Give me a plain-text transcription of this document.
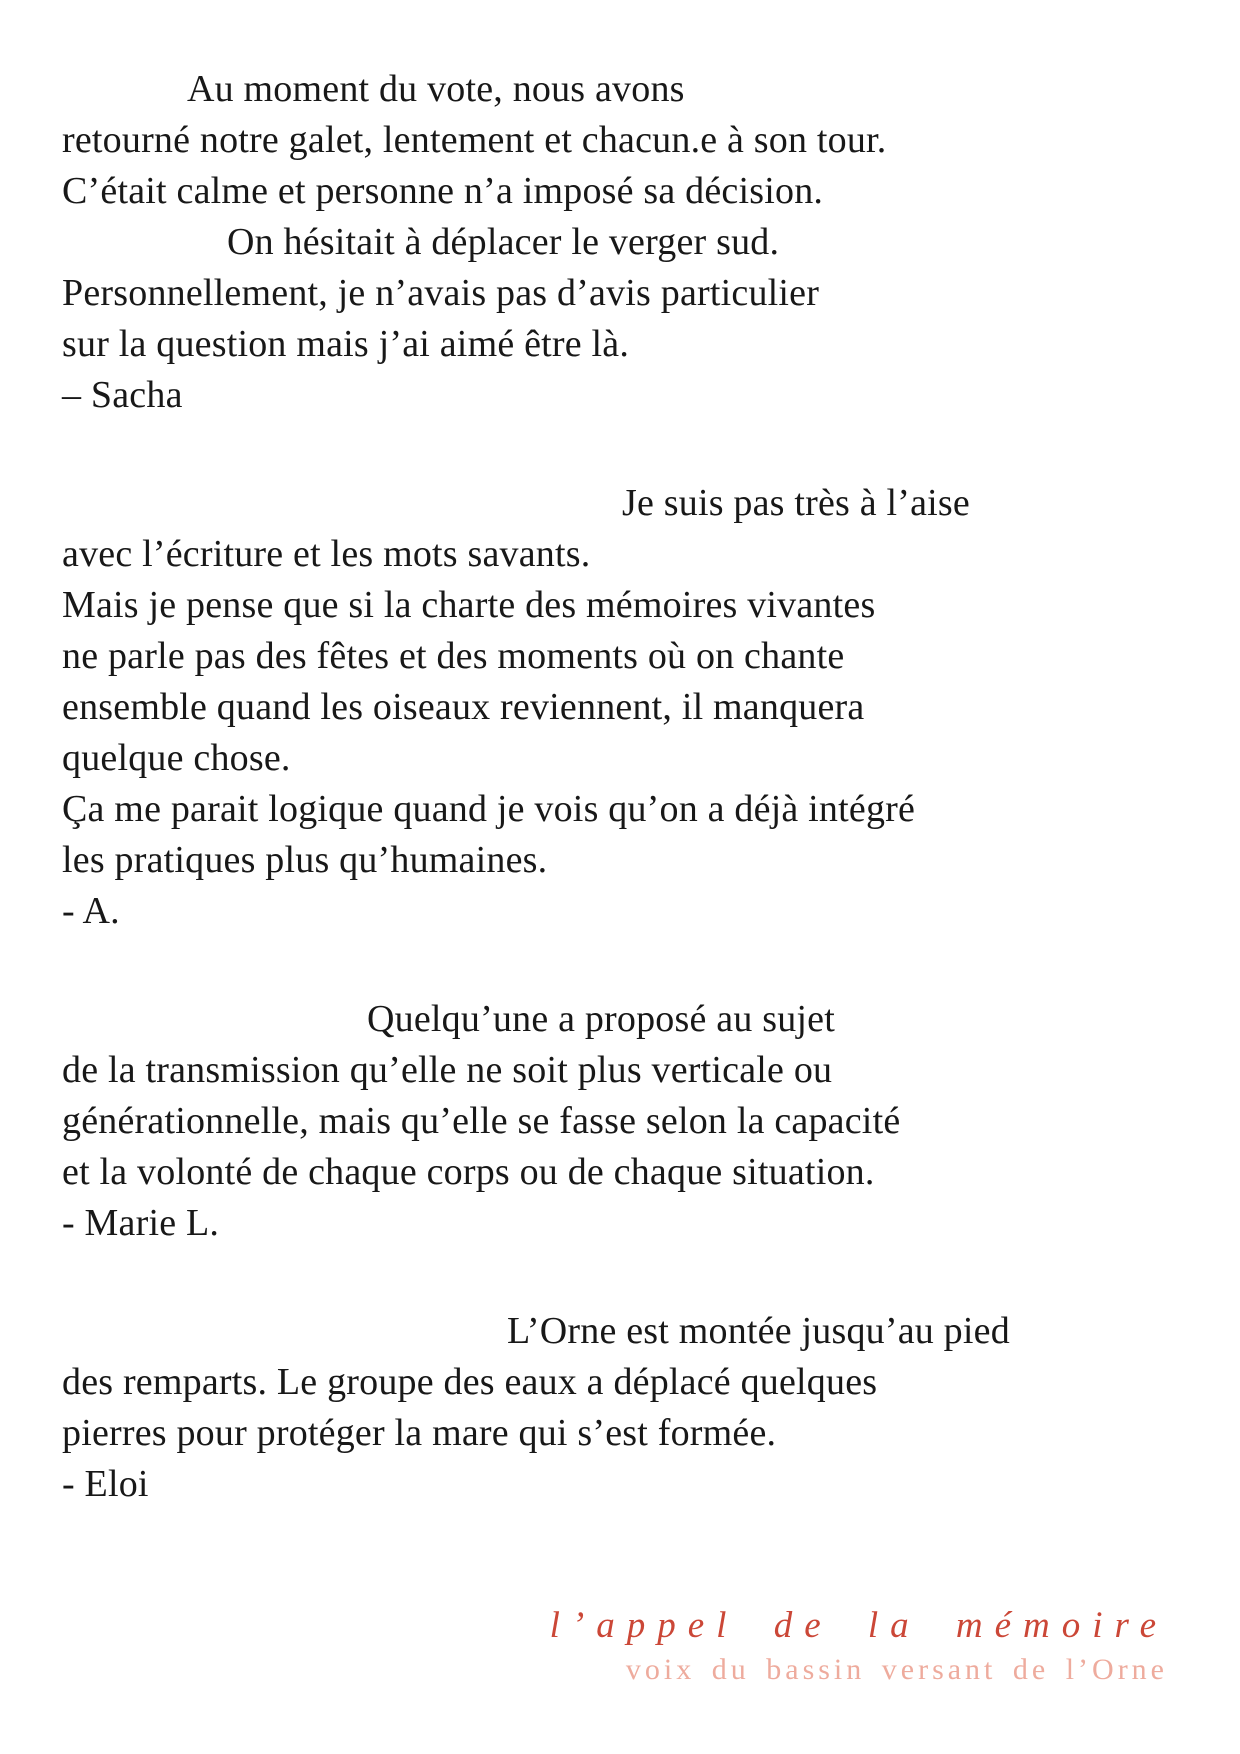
Au moment du vote, nous avons
retourné notre galet, lentement et chacun.e à son tour.
C’était calme et personne n’a imposé sa décision.
On hésitait à déplacer le verger sud.
Personnellement, je n’avais pas d’avis particulier
sur la question mais j’ai aimé être là.
– Sacha
Je suis pas très à l’aise
avec l’écriture et les mots savants.
Mais je pense que si la charte des mémoires vivantes
ne parle pas des fêtes et des moments où on chante
ensemble quand les oiseaux reviennent, il manquera
quelque chose.
Ça me parait logique quand je vois qu’on a déjà intégré
les pratiques plus qu’humaines.
- A.
Quelqu’une a proposé au sujet
de la transmission qu’elle ne soit plus verticale ou
générationnelle, mais qu’elle se fasse selon la capacité
et la volonté de chaque corps ou de chaque situation.
- Marie L.
L’Orne est montée jusqu’au pied
des remparts. Le groupe des eaux a déplacé quelques
pierres pour protéger la mare qui s’est formée.
- Eloi
l’appel de la mémoire
voix du bassin versant de l’Orne
